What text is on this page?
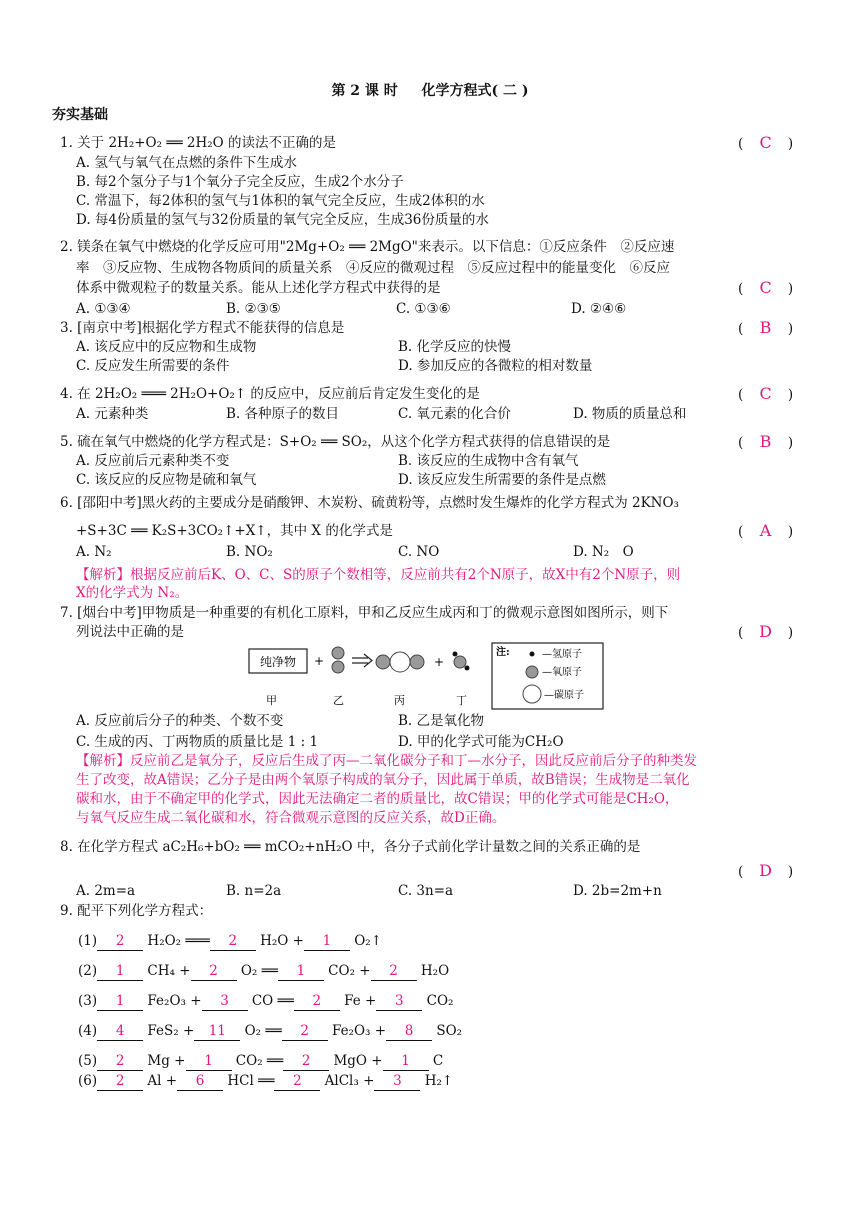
第 2 课 时 　 化学方程式( 二 )
夯实基础
1. 关于 2H₂+O₂ ══ 2H₂O 的读法不正确的是	( C )
A. 氢气与氧气在点燃的条件下生成水
B. 每2个氢分子与1个氧分子完全反应，生成2个水分子
C. 常温下，每2体积的氢气与1体积的氧气完全反应，生成2体积的水
D. 每4份质量的氢气与32份质量的氧气完全反应，生成36份质量的水
2. 镁条在氧气中燃烧的化学反应可用"2Mg+O₂ ══ 2MgO"来表示。以下信息：①反应条件　②反应速
率　③反应物、生成物各物质间的质量关系　④反应的微观过程　⑤反应过程中的能量变化　⑥反应
体系中微观粒子的数量关系。能从上述化学方程式中获得的是	( C )
A. ①③④	B. ②③⑤	C. ①③⑥	D. ②④⑥
3. [南京中考]根据化学方程式不能获得的信息是	( B )
A. 该反应中的反应物和生成物	B. 化学反应的快慢
C. 反应发生所需要的条件	D. 参加反应的各微粒的相对数量
4. 在 2H₂O₂ ═══ 2H₂O+O₂↑ 的反应中，反应前后肯定发生变化的是	( C )
A. 元素种类	B. 各种原子的数目	C. 氧元素的化合价	D. 物质的质量总和
5. 硫在氧气中燃烧的化学方程式是：S+O₂ ══ SO₂，从这个化学方程式获得的信息错误的是	( B )
A. 反应前后元素种类不变	B. 该反应的生成物中含有氧气
C. 该反应的反应物是硫和氧气	D. 该反应发生所需要的条件是点燃
6. [邵阳中考]黑火药的主要成分是硝酸钾、木炭粉、硫黄粉等，点燃时发生爆炸的化学方程式为 2KNO₃
+S+3C ══ K₂S+3CO₂↑+X↑，其中 X 的化学式是	( A )
A. N₂	B. NO₂	C. NO	D. N₂　O
【解析】根据反应前后K、O、C、S的原子个数相等，反应前共有2个N原子，故X中有2个N原子，则
X的化学式为 N₂。
7. [烟台中考]甲物质是一种重要的有机化工原料，甲和乙反应生成丙和丁的微观示意图如图所示，则下
列说法中正确的是	( D )
纯净物 +	+
甲	乙	丙	丁
注:	—氢原子
—氧原子
—碳原子
A. 反应前后分子的种类、个数不变	B. 乙是氧化物
C. 生成的丙、丁两物质的质量比是 1 : 1	D. 甲的化学式可能为CH₂O
【解析】反应前乙是氧分子，反应后生成了丙—二氧化碳分子和丁—水分子，因此反应前后分子的种类发
生了改变，故A错误；乙分子是由两个氧原子构成的氧分子，因此属于单质，故B错误；生成物是二氧化
碳和水，由于不确定甲的化学式，因此无法确定二者的质量比，故C错误；甲的化学式可能是CH₂O，
与氧气反应生成二氧化碳和水，符合微观示意图的反应关系，故D正确。
8. 在化学方程式 aC₂H₆+bO₂ ══ mCO₂+nH₂O 中，各分子式前化学计量数之间的关系正确的是
( D )
A. 2m=a	B. n=2a	C. 3n=a	D. 2b=2m+n
9. 配平下列化学方程式：
(1) 2 H₂O₂ ═══ 2 H₂O + 1 O₂↑
(2) 1 CH₄ + 2 O₂ ══ 1 CO₂ + 2 H₂O
(3) 1 Fe₂O₃ + 3 CO ══ 2 Fe + 3 CO₂
(4) 4 FeS₂ + 11 O₂ ══ 2 Fe₂O₃ + 8 SO₂
(5) 2 Mg + 1 CO₂ ══ 2 MgO + 1 C
(6) 2 Al + 6 HCl ══ 2 AlCl₃ + 3 H₂↑
